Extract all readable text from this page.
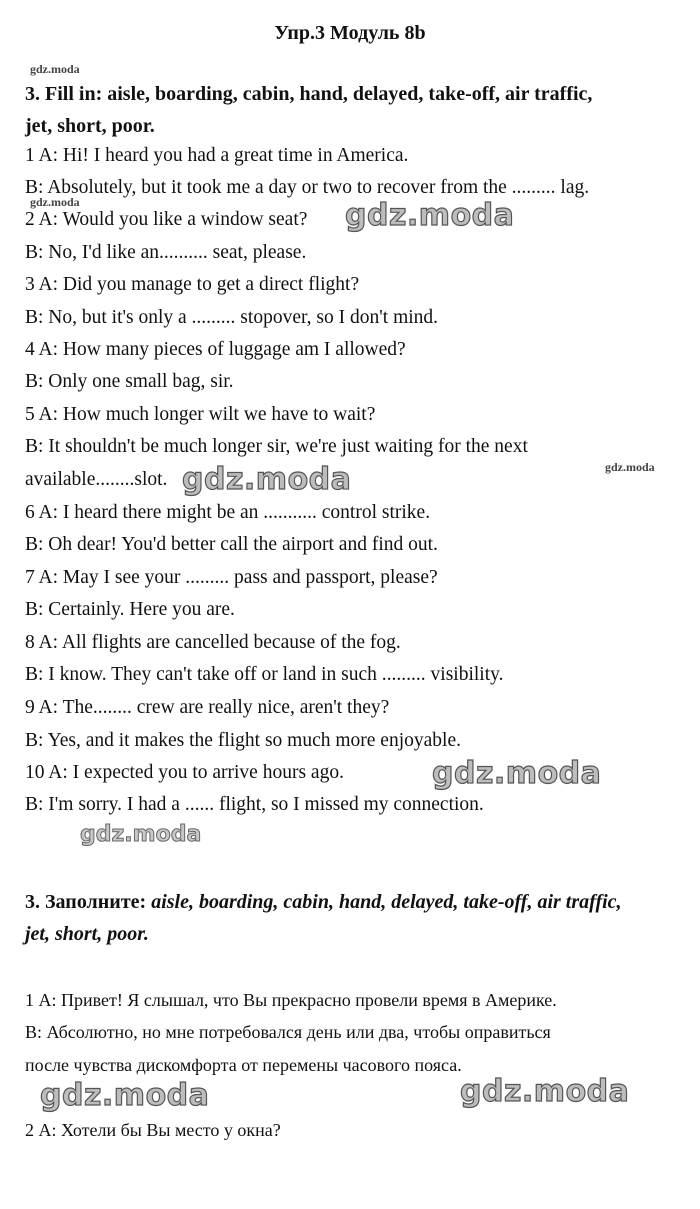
Упр.3 Модуль 8b
3. Fill in: aisle, boarding, cabin, hand, delayed, take-off, air traffic,
jet, short, poor.
1 A: Hi! I heard you had a great time in America.
B: Absolutely, but it took me a day or two to recover from the ......... lag.
2 A: Would you like a window seat?
B: No, I'd like an.......... seat, please.
3 A: Did you manage to get a direct flight?
B: No, but it's only a ......... stopover, so I don't mind.
4 A: How many pieces of luggage am I allowed?
B: Only one small bag, sir.
5 A: How much longer wilt we have to wait?
B: It shouldn't be much longer sir, we're just waiting for the next
available........slot.
6 A: I heard there might be an ........... control strike.
B: Oh dear! You'd better call the airport and find out.
7 A: May I see your ......... pass and passport, please?
B: Certainly. Here you are.
8 A: All flights are cancelled because of the fog.
B: I know. They can't take off or land in such ......... visibility.
9 A: The........ crew are really nice, aren't they?
B: Yes, and it makes the flight so much more enjoyable.
10 A: I expected you to arrive hours ago.
B: I'm sorry. I had a ...... flight, so I missed my connection.
3. Заполните: aisle, boarding, cabin, hand, delayed, take-off, air traffic,
jet, short, poor.
1 А: Привет! Я слышал, что Вы прекрасно провели время в Америке.
В: Абсолютно, но мне потребовался день или два, чтобы оправиться
после чувства дискомфорта от перемены часового пояса.
2 А: Хотели бы Вы место у окна?
gdz.moda
gdz.moda
gdz.moda
gdz.moda
gdz.moda
gdz.moda
gdz.moda
gdz.moda	gdz.moda
